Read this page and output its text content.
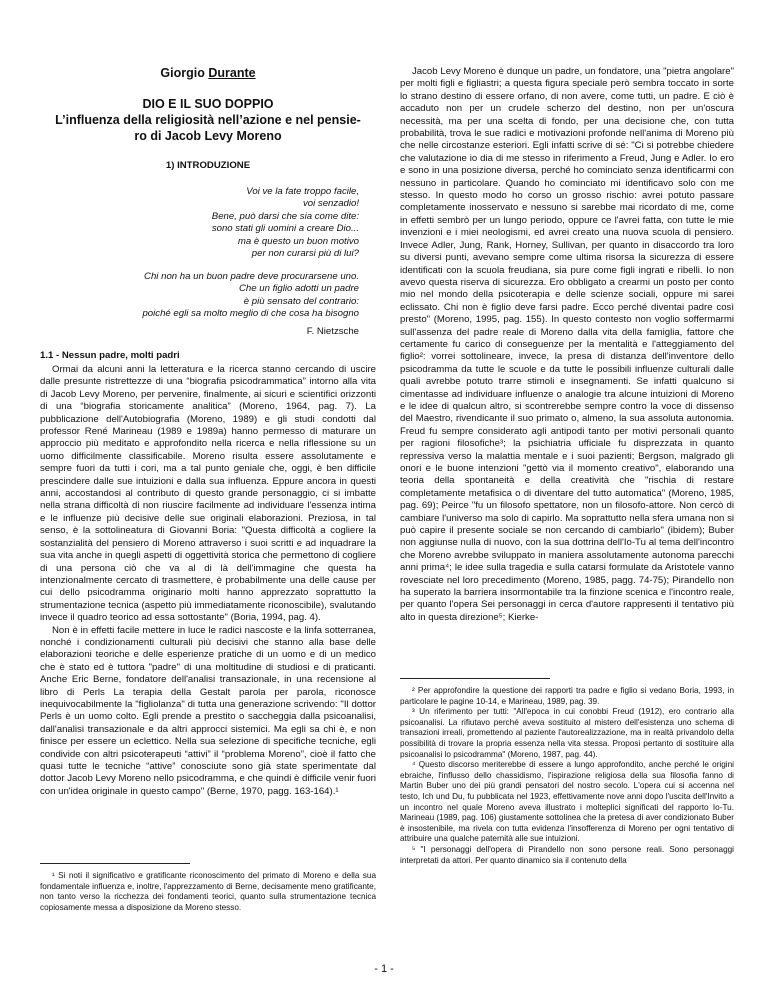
Giorgio Durante
DIO E IL SUO DOPPIO
L’influenza della religiosità nell’azione e nel pensie-
ro di Jacob Levy Moreno
1) INTRODUZIONE
Voi ve la fate troppo facile,
voi senzadio!
Bene, può darsi che sia come dite:
sono stati gli uomini a creare Dio...
ma è questo un buon motivo
per non curarsi più di lui?
Chi non ha un buon padre deve procurarsene uno.
Che un figlio adotti un padre
è più sensato del contrario:
poiché egli sa molto meglio di che cosa ha bisogno
F. Nietzsche
1.1 - Nessun padre, molti padri

Ormai da alcuni anni la letteratura e la ricerca stanno cercando di uscire dalle presunte ristrettezze di una “biografia psicodrammatica” intorno alla vita di Jacob Levy Moreno, per pervenire, finalmente, ai sicuri e scientifici orizzonti di una “biografia storicamente analitica” (Moreno, 1964, pag. 7). La pubblicazione dell'Autobiografia (Moreno, 1989) e gli studi condotti dal professor René Marineau (1989 e 1989a) hanno permesso di maturare un approccio più meditato e approfondito nella ricerca e nella riflessione su un uomo difficilmente classificabile. Moreno risulta essere assolutamente e sempre fuori da tutti i cori, ma a tal punto geniale che, oggi, è ben difficile prescindere dalle sue intuizioni e dalla sua influenza. Eppure ancora in questi anni, accostandosi al contributo di questo grande personaggio, ci si imbatte nella strana difficoltà di non riuscire facilmente ad individuare l'essenza intima e le influenze più decisive delle sue originali elaborazioni. Preziosa, in tal senso, è la sottolineatura di Giovanni Boria: "Questa difficoltà a cogliere la sostanzialità del pensiero di Moreno attraverso i suoi scritti e ad inquadrare la sua vita anche in quegli aspetti di oggettività storica che permettono di cogliere di una persona ciò che va al di là dell'immagine che questa ha intenzionalmente cercato di trasmettere, è probabilmente una delle cause per cui dello psicodramma originario molti hanno apprezzato soprattutto la strumentazione tecnica (aspetto più immediatamente riconoscibile), svalutando invece il quadro teorico ad essa sottostante" (Boria, 1994, pag. 4).

Non è in effetti facile mettere in luce le radici nascoste e la linfa sotterranea, nonché i condizionamenti culturali più decisivi che stanno alla base delle elaborazioni teoriche e delle esperienze pratiche di un uomo e di un medico che è stato ed è tuttora "padre" di una moltitudine di studiosi e di praticanti. Anche Eric Berne, fondatore dell'analisi transazionale, in una recensione al libro di Perls La terapia della Gestalt parola per parola, riconosce inequivocabilmente la "figliolanza" di tutta una generazione scrivendo: "Il dottor Perls è un uomo colto. Egli prende a prestito o saccheggia dalla psicoanalisi, dall'analisi transazionale e da altri approcci sistemici. Ma egli sa chi è, e non finisce per essere un eclettico. Nella sua selezione di specifiche tecniche, egli condivide con altri psicoterapeuti “attivi” il “problema Moreno”, cioè il fatto che quasi tutte le tecniche “attive” conosciute sono già state sperimentate dal dottor Jacob Levy Moreno nello psicodramma, e che quindi è difficile venir fuori con un'idea originale in questo campo" (Berne, 1970, pagg. 163-164).¹

¹ Si noti il significativo e gratificante riconoscimento del primato di Moreno e della sua fondamentale influenza e, inoltre, l'apprezzamento di Berne, decisamente meno gratificante, non tanto verso la ricchezza dei fondamenti teorici, quanto sulla strumentazione tecnica copiosamente messa a disposizione da Moreno stesso.

Jacob Levy Moreno è dunque un padre, un fondatore, una "pietra angolare" per molti figli e figliastri; a questa figura speciale però sembra toccato in sorte lo strano destino di essere orfano, di non avere, come tutti, un padre. E ciò è accaduto non per un crudele scherzo del destino, non per un'oscura necessità, ma per una scelta di fondo, per una decisione che, con tutta probabilità, trova le sue radici e motivazioni profonde nell'anima di Moreno più che nelle circostanze esteriori. Egli infatti scrive di sé: "Ci si potrebbe chiedere che valutazione io dia di me stesso in riferimento a Freud, Jung e Adler. Io ero e sono in una posizione diversa, perché ho cominciato senza identificarmi con nessuno in particolare. Quando ho cominciato mi identificavo solo con me stesso. In questo modo ho corso un grosso rischio: avrei potuto passare completamente inosservato e nessuno si sarebbe mai ricordato di me, come in effetti sembrò per un lungo periodo, oppure ce l'avrei fatta, con tutte le mie invenzioni e i miei neologismi, ed avrei creato una nuova scuola di pensiero. Invece Adler, Jung, Rank, Horney, Sullivan, per quanto in disaccordo tra loro su diversi punti, avevano sempre come ultima risorsa la sicurezza di essere identificati con la scuola freudiana, sia pure come figli ingrati e ribelli. Io non avevo questa riserva di sicurezza. Ero obbligato a crearmi un posto per conto mio nel mondo della psicoterapia e delle scienze sociali, oppure mi sarei eclissato. Chi non è figlio deve farsi padre. Ecco perché diventai padre così presto" (Moreno, 1995, pag. 155). In questo contesto non voglio soffermarmi sull'assenza del padre reale di Moreno dalla vita della famiglia, fattore che certamente fu carico di conseguenze per la mentalità e l'atteggiamento del figlio²: vorrei sottolineare, invece, la presa di distanza dell'inventore dello psicodramma da tutte le scuole e da tutte le possibili influenze culturali dalle quali avrebbe potuto trarre stimoli e insegnamenti. Se infatti qualcuno si cimentasse ad individuare influenze o analogie tra alcune intuizioni di Moreno e le idee di qualcun altro, si scontrerebbe sempre contro la voce di dissenso del Maestro, rivendicante il suo primato o, almeno, la sua assoluta autonomia. Freud fu sempre considerato agli antipodi tanto per motivi personali quanto per ragioni filosofiche³; la psichiatria ufficiale fu disprezzata in quanto repressiva verso la malattia mentale e i suoi pazienti; Bergson, malgrado gli onori e le buone intenzioni "gettò via il momento creativo", elaborando una teoria della spontaneità e della creatività che "rischia di restare completamente metafisica o di diventare del tutto automatica" (Moreno, 1985, pag. 69); Peirce "fu un filosofo spettatore, non un filosofo-attore. Non cercò di cambiare l'universo ma solo di capirlo. Ma soprattutto nella sfera umana non si può capire il presente sociale se non cercando di cambiarlo" (ibidem); Buber non aggiunse nulla di nuovo, con la sua dottrina dell'Io-Tu al tema dell'incontro che Moreno avrebbe sviluppato in maniera assolutamente autonoma parecchi anni prima⁴; le idee sulla tragedia e sulla catarsi formulate da Aristotele vanno rovesciate nel loro precedimento (Moreno, 1985, pagg. 74-75); Pirandello non ha superato la barriera insormontabile tra la finzione scenica e l'incontro reale, per quanto l'opera Sei personaggi in cerca d'autore rappresenti il tentativo più alto in questa direzione⁵; Kierke-

² Per approfondire la questione dei rapporti tra padre e figlio si vedano Boria, 1993, in particolare le pagine 10-14, e Marineau, 1989, pag. 39.

³ Un riferimento per tutti: "All'epoca in cui conobbi Freud (1912), ero contrario alla psicoanalisi. La rifiutavo perché aveva sostituito al mistero dell'esistenza uno schema di transazioni irreali, promettendo al paziente l'autorealizzazione, ma in realtà privandolo della possibilità di trovare la propria essenza nella vita stessa. Proposi pertanto di sostituire alla psicoanalisi lo psicodramma" (Moreno, 1987, pag. 44).

⁴ Questo discorso meriterebbe di essere a lungo approfondito, anche perché le origini ebraiche, l'influsso dello chassidismo, l'ispirazione religiosa della sua filosofia fanno di Martin Buber uno dei più grandi pensatori del nostro secolo. L'opera cui si accenna nel testo, Ich und Du, fu pubblicata nel 1923, effettivamente nove anni dopo l'uscita dell'Invito a un incontro nel quale Moreno aveva illustrato i molteplici significati del rapporto Io-Tu. Marineau (1989, pag. 106) giustamente sottolinea che la pretesa di aver condizionato Buber è insostenibile, ma rivela con tutta evidenza l'insofferenza di Moreno per ogni tentativo di attribuire una qualche paternità alle sue intuizioni.

⁵ "I personaggi dell'opera di Pirandello non sono persone reali. Sono personaggi interpretati da attori. Per quanto dinamico sia il contenuto della

- 1 -
